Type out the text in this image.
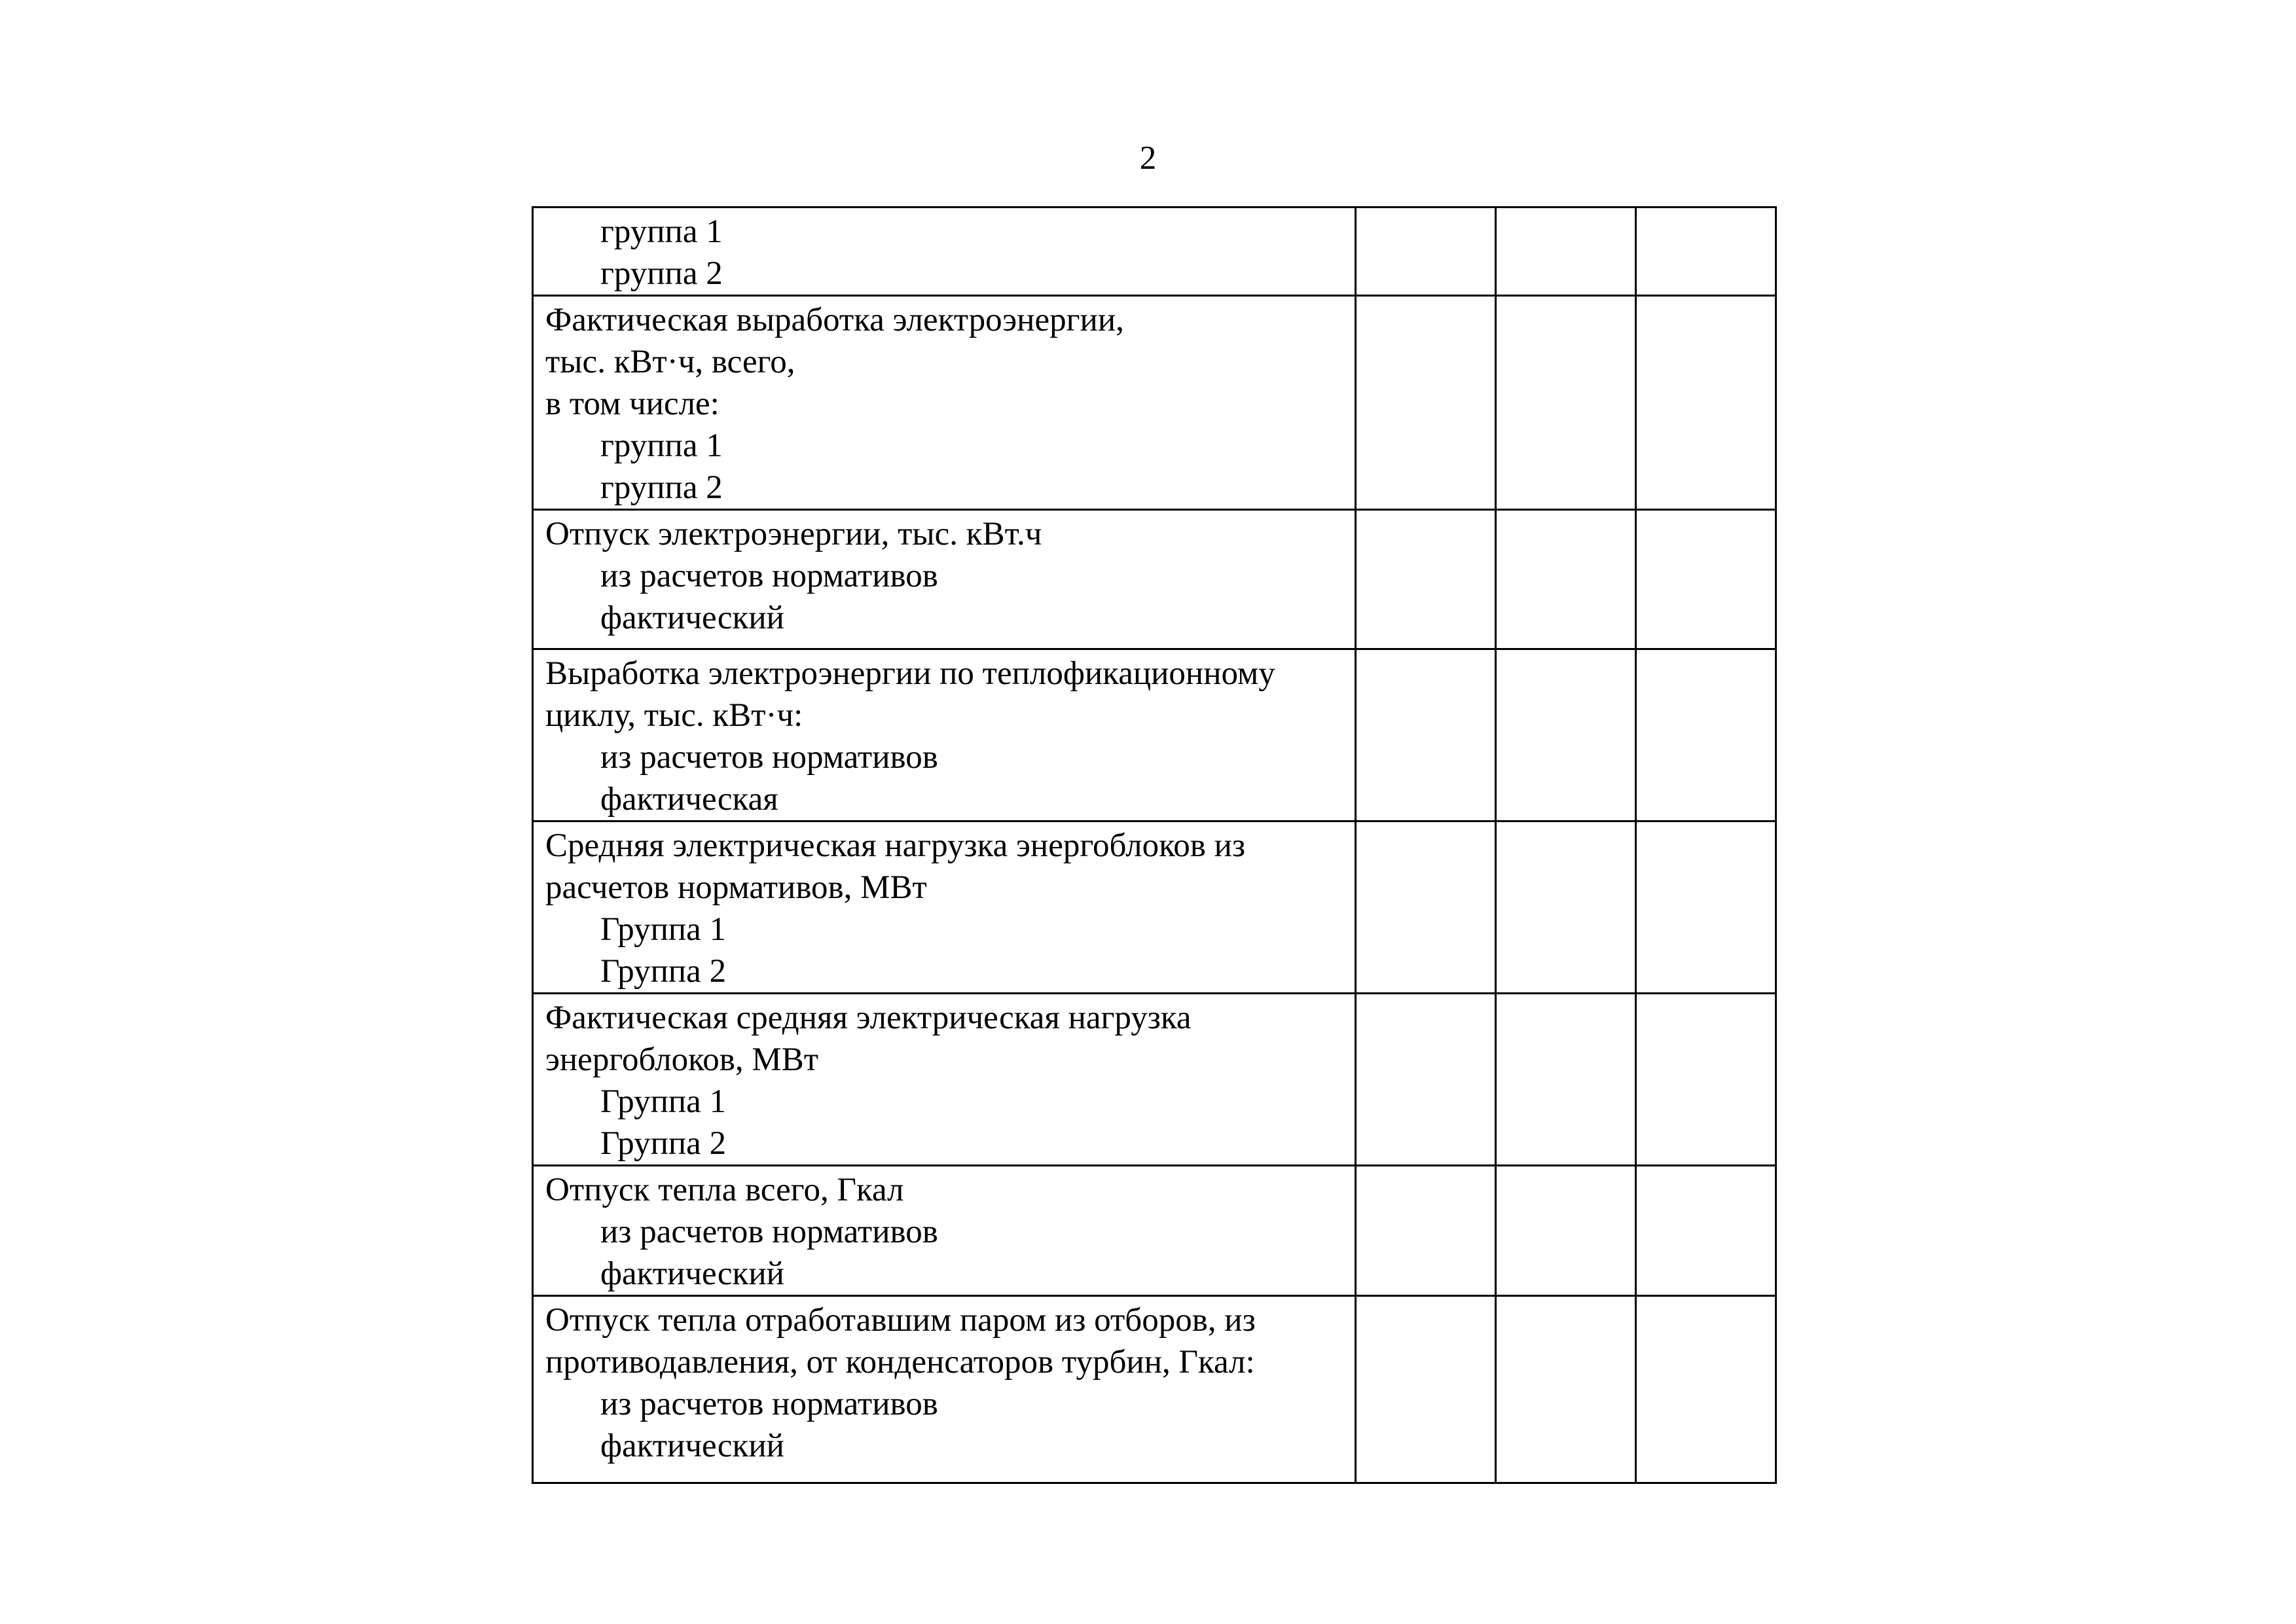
2
группа 1
группа 2			

Фактическая выработка электроэнергии,
тыс. кВт·ч, всего,
в том числе:
группа 1
группа 2			

Отпуск электроэнергии, тыс. кВт.ч
из расчетов нормативов
фактический			

Выработка электроэнергии по теплофикационному
циклу, тыс. кВт·ч:
из расчетов нормативов
фактическая			

Средняя электрическая нагрузка энергоблоков из
расчетов нормативов, МВт
Группа 1
Группа 2			

Фактическая средняя электрическая нагрузка
энергоблоков, МВт
Группа 1
Группа 2			

Отпуск тепла всего, Гкал
из расчетов нормативов
фактический			

Отпуск тепла отработавшим паром из отборов, из
противодавления, от конденсаторов турбин, Гкал:
из расчетов нормативов
фактический			
